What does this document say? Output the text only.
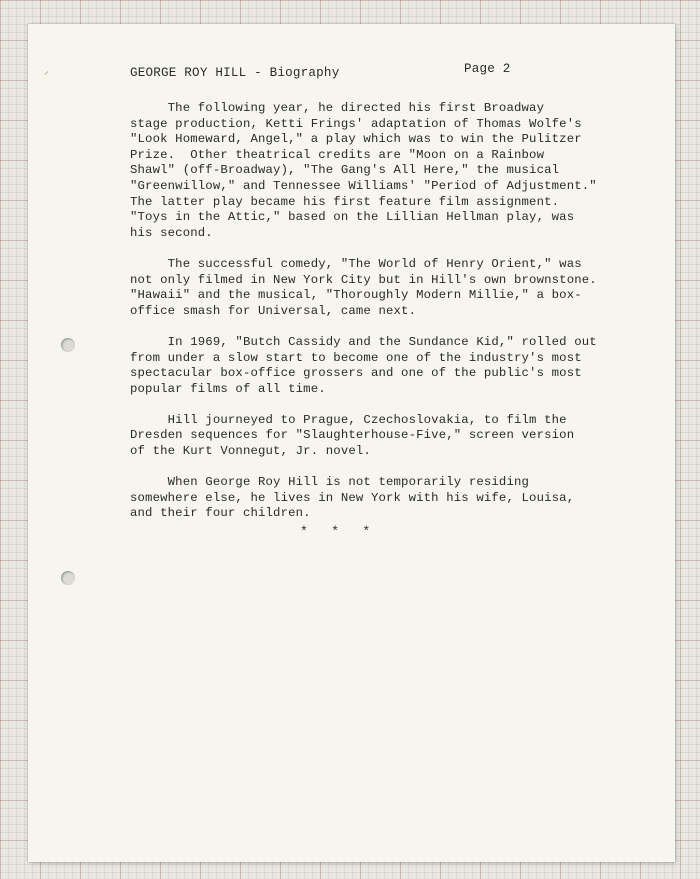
⸝	GEORGE ROY HILL - Biography	Page 2

The following year, he directed his first Broadway
stage production, Ketti Frings' adaptation of Thomas Wolfe's
"Look Homeward, Angel," a play which was to win the Pulitzer
Prize.  Other theatrical credits are "Moon on a Rainbow
Shawl" (off-Broadway), "The Gang's All Here," the musical
"Greenwillow," and Tennessee Williams' "Period of Adjustment."
The latter play became his first feature film assignment.
"Toys in the Attic," based on the Lillian Hellman play, was
his second.

The successful comedy, "The World of Henry Orient," was
not only filmed in New York City but in Hill's own brownstone.
"Hawaii" and the musical, "Thoroughly Modern Millie," a box-
office smash for Universal, came next.

In 1969, "Butch Cassidy and the Sundance Kid," rolled out
from under a slow start to become one of the industry's most
spectacular box-office grossers and one of the public's most
popular films of all time.

Hill journeyed to Prague, Czechoslovakia, to film the
Dresden sequences for "Slaughterhouse-Five," screen version
of the Kurt Vonnegut, Jr. novel.

When George Roy Hill is not temporarily residing
somewhere else, he lives in New York with his wife, Louisa,
and their four children.

*   *   *
